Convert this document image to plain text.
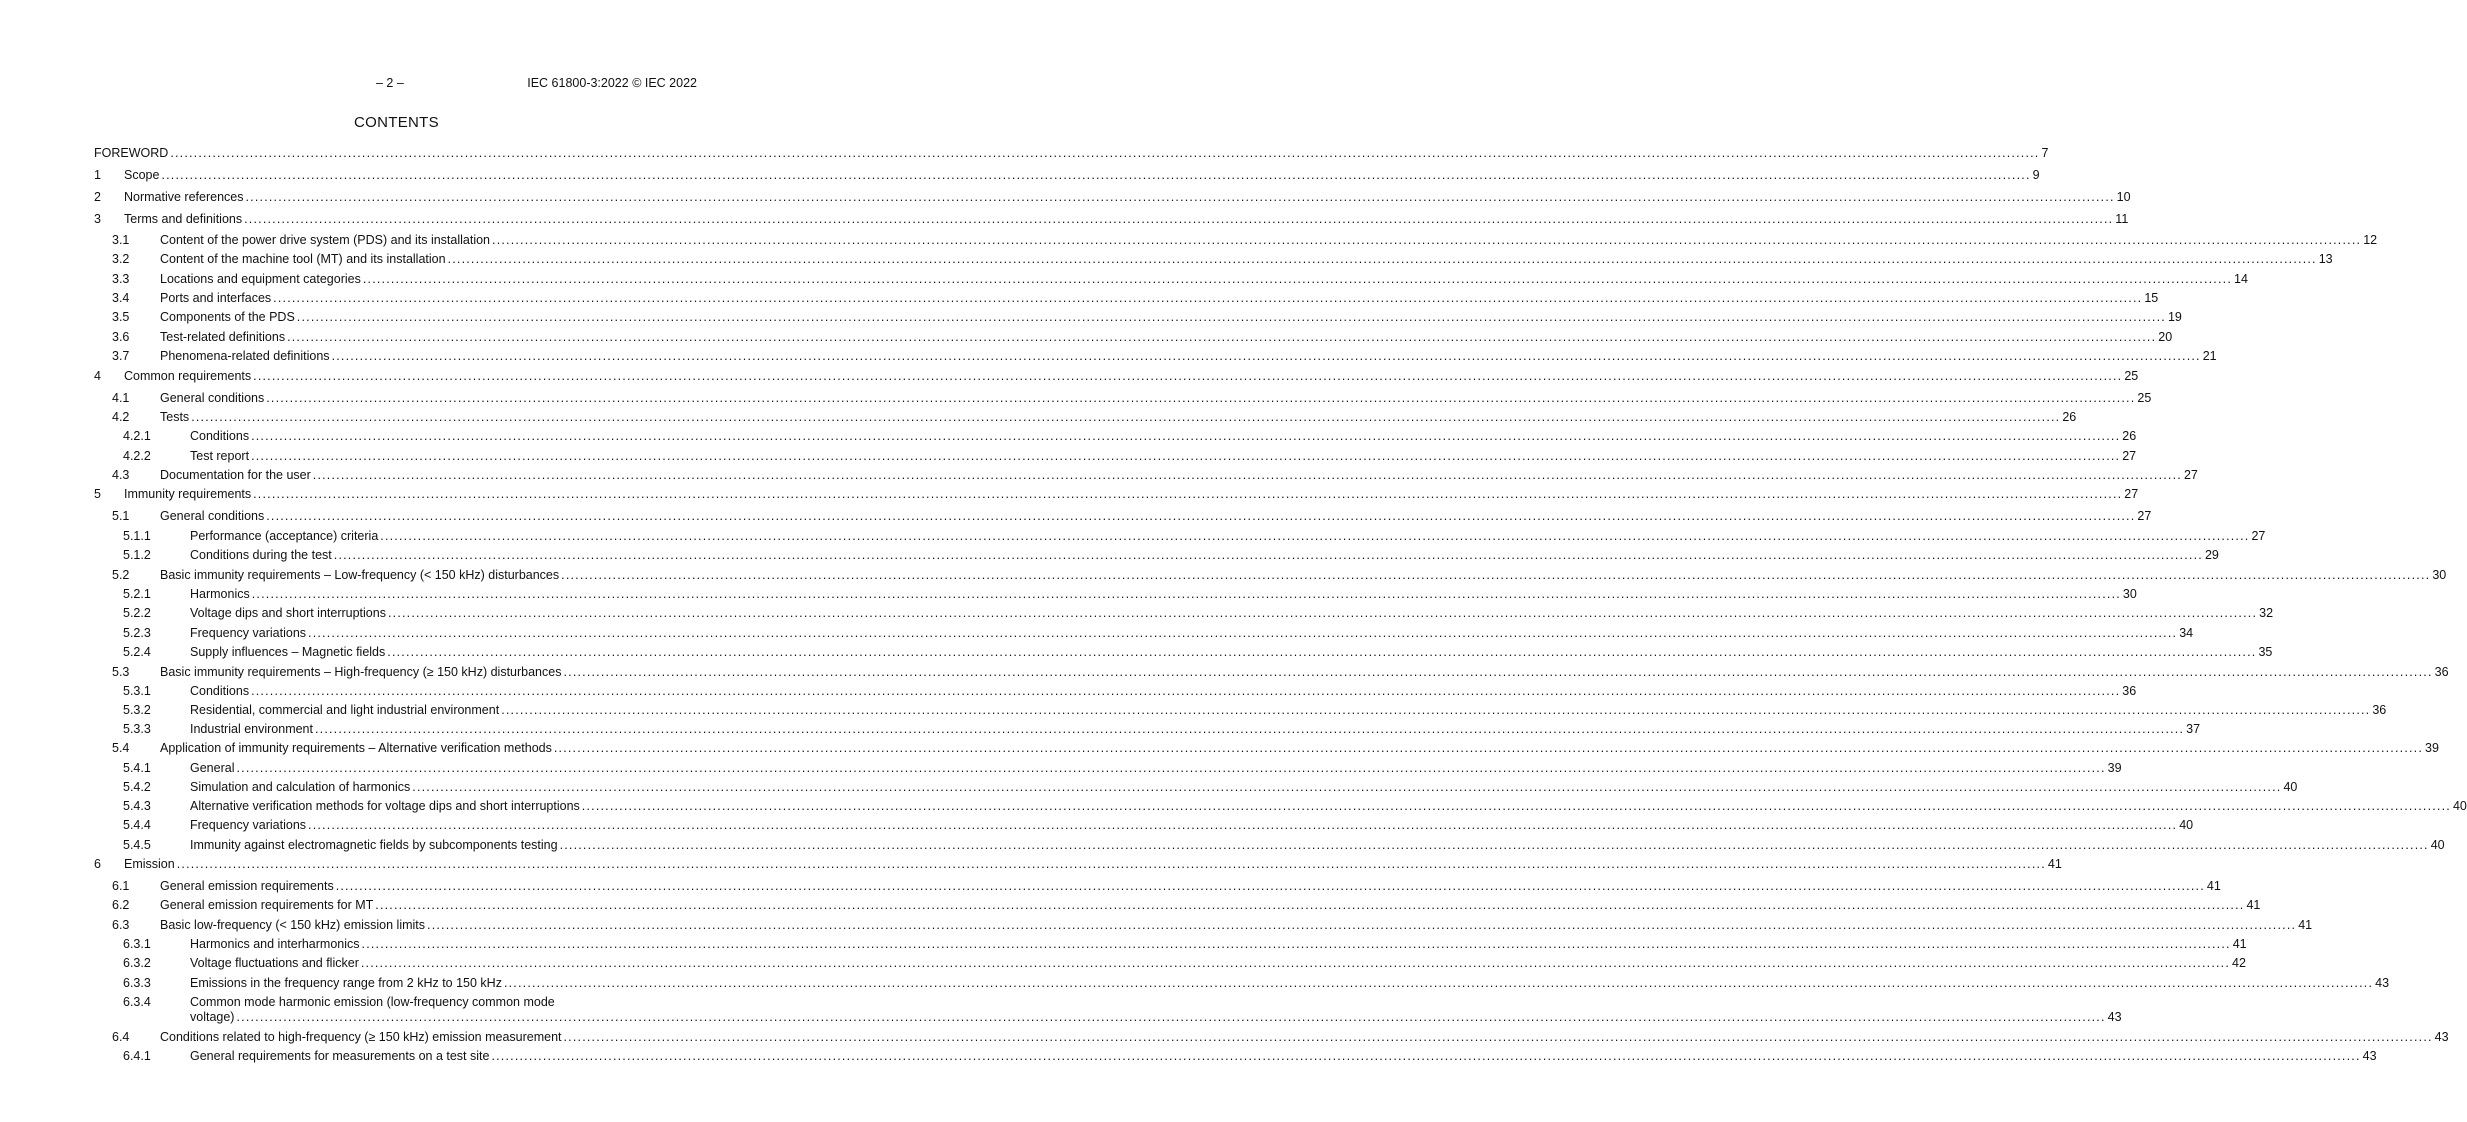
– 2 –	IEC 61800-3:2022 © IEC 2022
CONTENTS
FOREWORD ................................................................................................................................................................................................................................................................................................................................................................................................................ 7
1 Scope ................................................................................................................................................................................................................................................................................................................................................................................................................ 9
2 Normative references ................................................................................................................................................................................................................................................................................................................................................................................................................ 10
3 Terms and definitions ................................................................................................................................................................................................................................................................................................................................................................................................................ 11
3.1 Content of the power drive system (PDS) and its installation ................................................................................................................................................................................................................................................................................................................................................................................................................ 12
3.2 Content of the machine tool (MT) and its installation ................................................................................................................................................................................................................................................................................................................................................................................................................ 13
3.3 Locations and equipment categories ................................................................................................................................................................................................................................................................................................................................................................................................................ 14
3.4 Ports and interfaces ................................................................................................................................................................................................................................................................................................................................................................................................................ 15
3.5 Components of the PDS ................................................................................................................................................................................................................................................................................................................................................................................................................ 19
3.6 Test-related definitions ................................................................................................................................................................................................................................................................................................................................................................................................................ 20
3.7 Phenomena-related definitions ................................................................................................................................................................................................................................................................................................................................................................................................................ 21
4 Common requirements ................................................................................................................................................................................................................................................................................................................................................................................................................ 25
4.1 General conditions ................................................................................................................................................................................................................................................................................................................................................................................................................ 25
4.2 Tests ................................................................................................................................................................................................................................................................................................................................................................................................................ 26
4.2.1	Conditions ................................................................................................................................................................................................................................................................................................................................................................................................................ 26
4.2.2	Test report ................................................................................................................................................................................................................................................................................................................................................................................................................ 27
4.3 Documentation for the user ................................................................................................................................................................................................................................................................................................................................................................................................................ 27
5 Immunity requirements ................................................................................................................................................................................................................................................................................................................................................................................................................ 27
5.1 General conditions ................................................................................................................................................................................................................................................................................................................................................................................................................ 27
5.1.1	Performance (acceptance) criteria ................................................................................................................................................................................................................................................................................................................................................................................................................ 27
5.1.2	Conditions during the test ................................................................................................................................................................................................................................................................................................................................................................................................................ 29
5.2 Basic immunity requirements – Low-frequency (< 150 kHz) disturbances ................................................................................................................................................................................................................................................................................................................................................................................................................ 30
5.2.1	Harmonics ................................................................................................................................................................................................................................................................................................................................................................................................................ 30
5.2.2	Voltage dips and short interruptions ................................................................................................................................................................................................................................................................................................................................................................................................................ 32
5.2.3	Frequency variations ................................................................................................................................................................................................................................................................................................................................................................................................................ 34
5.2.4	Supply influences – Magnetic fields ................................................................................................................................................................................................................................................................................................................................................................................................................ 35
5.3 Basic immunity requirements – High-frequency (≥ 150 kHz) disturbances ................................................................................................................................................................................................................................................................................................................................................................................................................ 36
5.3.1	Conditions ................................................................................................................................................................................................................................................................................................................................................................................................................ 36
5.3.2	Residential, commercial and light industrial environment ................................................................................................................................................................................................................................................................................................................................................................................................................ 36
5.3.3	Industrial environment ................................................................................................................................................................................................................................................................................................................................................................................................................ 37
5.4 Application of immunity requirements – Alternative verification methods ................................................................................................................................................................................................................................................................................................................................................................................................................ 39
5.4.1	General ................................................................................................................................................................................................................................................................................................................................................................................................................ 39
5.4.2	Simulation and calculation of harmonics ................................................................................................................................................................................................................................................................................................................................................................................................................ 40
5.4.3	Alternative verification methods for voltage dips and short interruptions ................................................................................................................................................................................................................................................................................................................................................................................................................ 40
5.4.4	Frequency variations ................................................................................................................................................................................................................................................................................................................................................................................................................ 40
5.4.5	Immunity against electromagnetic fields by subcomponents testing ................................................................................................................................................................................................................................................................................................................................................................................................................ 40
6 Emission ................................................................................................................................................................................................................................................................................................................................................................................................................ 41
6.1 General emission requirements ................................................................................................................................................................................................................................................................................................................................................................................................................ 41
6.2 General emission requirements for MT ................................................................................................................................................................................................................................................................................................................................................................................................................ 41
6.3 Basic low-frequency (< 150 kHz) emission limits ................................................................................................................................................................................................................................................................................................................................................................................................................ 41
6.3.1	Harmonics and interharmonics ................................................................................................................................................................................................................................................................................................................................................................................................................ 41
6.3.2	Voltage fluctuations and flicker ................................................................................................................................................................................................................................................................................................................................................................................................................ 42
6.3.3	Emissions in the frequency range from 2 kHz to 150 kHz ................................................................................................................................................................................................................................................................................................................................................................................................................ 43
6.3.4	Common mode harmonic emission (low-frequency common mode
voltage) ................................................................................................................................................................................................................................................................................................................................................................................................................ 43
6.4 Conditions related to high-frequency (≥ 150 kHz) emission measurement ................................................................................................................................................................................................................................................................................................................................................................................................................ 43
6.4.1	General requirements for measurements on a test site ................................................................................................................................................................................................................................................................................................................................................................................................................ 43
